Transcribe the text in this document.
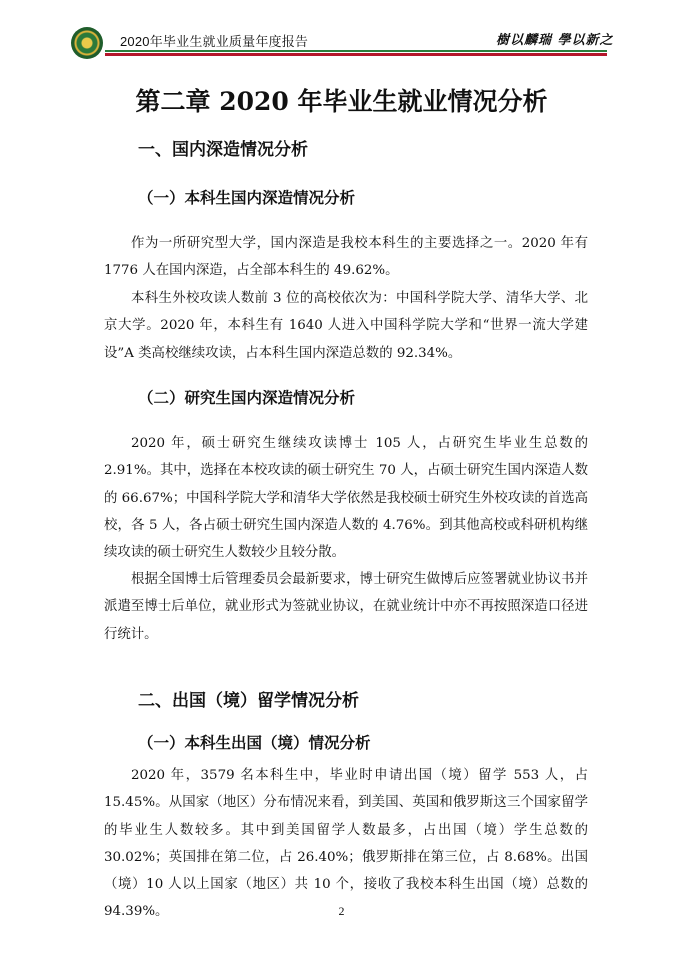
2020年毕业生就业质量年度报告	樹以麟瑞 學以新之
第二章 2020 年毕业生就业情况分析
一、国内深造情况分析
（一）本科生国内深造情况分析

作为一所研究型大学，国内深造是我校本科生的主要选择之一。2020 年有 1776 人在国内深造，占全部本科生的 49.62%。

本科生外校攻读人数前 3 位的高校依次为：中国科学院大学、清华大学、北京大学。2020 年，本科生有 1640 人进入中国科学院大学和“世界一流大学建设”A 类高校继续攻读，占本科生国内深造总数的 92.34%。

（二）研究生国内深造情况分析

2020 年，硕士研究生继续攻读博士 105 人，占研究生毕业生总数的 2.91%。其中，选择在本校攻读的硕士研究生 70 人，占硕士研究生国内深造人数的 66.67%；中国科学院大学和清华大学依然是我校硕士研究生外校攻读的首选高校，各 5 人，各占硕士研究生国内深造人数的 4.76%。到其他高校或科研机构继续攻读的硕士研究生人数较少且较分散。

根据全国博士后管理委员会最新要求，博士研究生做博后应签署就业协议书并派遣至博士后单位，就业形式为签就业协议，在就业统计中亦不再按照深造口径进行统计。

二、出国（境）留学情况分析
（一）本科生出国（境）情况分析

2020 年，3579 名本科生中，毕业时申请出国（境）留学 553 人，占 15.45%。从国家（地区）分布情况来看，到美国、英国和俄罗斯这三个国家留学的毕业生人数较多。其中到美国留学人数最多，占出国（境）学生总数的 30.02%；英国排在第二位，占 26.40%；俄罗斯排在第三位，占 8.68%。出国（境）10 人以上国家（地区）共 10 个，接收了我校本科生出国（境）总数的 94.39%。	2
